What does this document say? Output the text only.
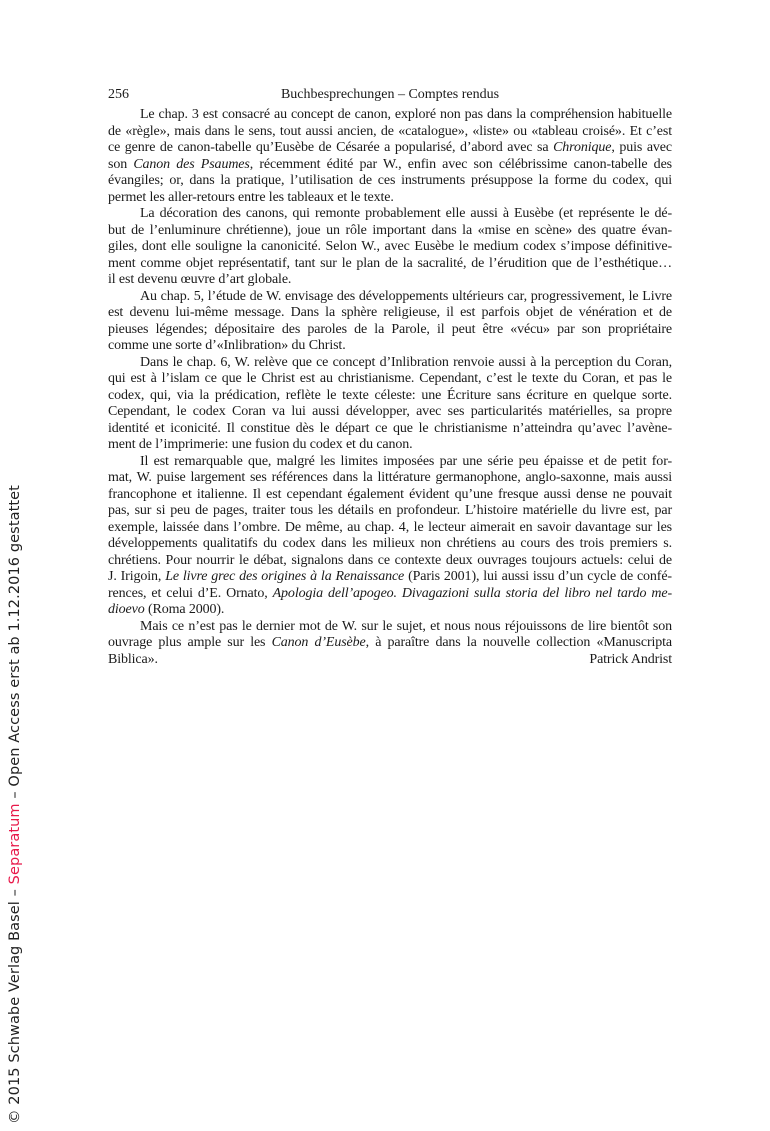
256	Buchbesprechungen – Comptes rendus
Le chap. 3 est consacré au concept de canon, exploré non pas dans la compréhension habituelle
de «règle», mais dans le sens, tout aussi ancien, de «catalogue», «liste» ou «tableau croisé». Et c’est
ce genre de canon-tabelle qu’Eusèbe de Césarée a popularisé, d’abord avec sa Chronique, puis avec
son Canon des Psaumes, récemment édité par W., enfin avec son célébrissime canon-tabelle des
évangiles; or, dans la pratique, l’utilisation de ces instruments présuppose la forme du codex, qui
permet les aller-retours entre les tableaux et le texte.
La décoration des canons, qui remonte probablement elle aussi à Eusèbe (et représente le dé-
but de l’enluminure chrétienne), joue un rôle important dans la «mise en scène» des quatre évan-
giles, dont elle souligne la canonicité. Selon W., avec Eusèbe le medium codex s’impose définitive-
ment comme objet représentatif, tant sur le plan de la sacralité, de l’érudition que de l’esthétique…
il est devenu œuvre d’art globale.
Au chap. 5, l’étude de W. envisage des développements ultérieurs car, progressivement, le Livre
est devenu lui-même message. Dans la sphère religieuse, il est parfois objet de vénération et de
pieuses légendes; dépositaire des paroles de la Parole, il peut être «vécu» par son propriétaire
comme une sorte d’«Inlibration» du Christ.
Dans le chap. 6, W. relève que ce concept d’Inlibration renvoie aussi à la perception du Coran,
qui est à l’islam ce que le Christ est au christianisme. Cependant, c’est le texte du Coran, et pas le
codex, qui, via la prédication, reflète le texte céleste: une Écriture sans écriture en quelque sorte.
Cependant, le codex Coran va lui aussi développer, avec ses particularités matérielles, sa propre
identité et iconicité. Il constitue dès le départ ce que le christianisme n’atteindra qu’avec l’avène-
ment de l’imprimerie: une fusion du codex et du canon.
Il est remarquable que, malgré les limites imposées par une série peu épaisse et de petit for-
mat, W. puise largement ses références dans la littérature germanophone, anglo-saxonne, mais aussi
francophone et italienne. Il est cependant également évident qu’une fresque aussi dense ne pouvait
pas, sur si peu de pages, traiter tous les détails en profondeur. L’histoire matérielle du livre est, par
exemple, laissée dans l’ombre. De même, au chap. 4, le lecteur aimerait en savoir davantage sur les
développements qualitatifs du codex dans les milieux non chrétiens au cours des trois premiers s.
chrétiens. Pour nourrir le débat, signalons dans ce contexte deux ouvrages toujours actuels: celui de
J. Irigoin, Le livre grec des origines à la Renaissance (Paris 2001), lui aussi issu d’un cycle de confé-
rences, et celui d’E. Ornato, Apologia dell’apogeo. Divagazioni sulla storia del libro nel tardo me-
dioevo (Roma 2000).
Mais ce n’est pas le dernier mot de W. sur le sujet, et nous nous réjouissons de lire bientôt son
ouvrage plus ample sur les Canon d’Eusèbe, à paraître dans la nouvelle collection «Manuscripta
Biblica».	Patrick Andrist
© 2015 Schwabe Verlag Basel – Separatum – Open Access erst ab 1.12.2016 gestattet
